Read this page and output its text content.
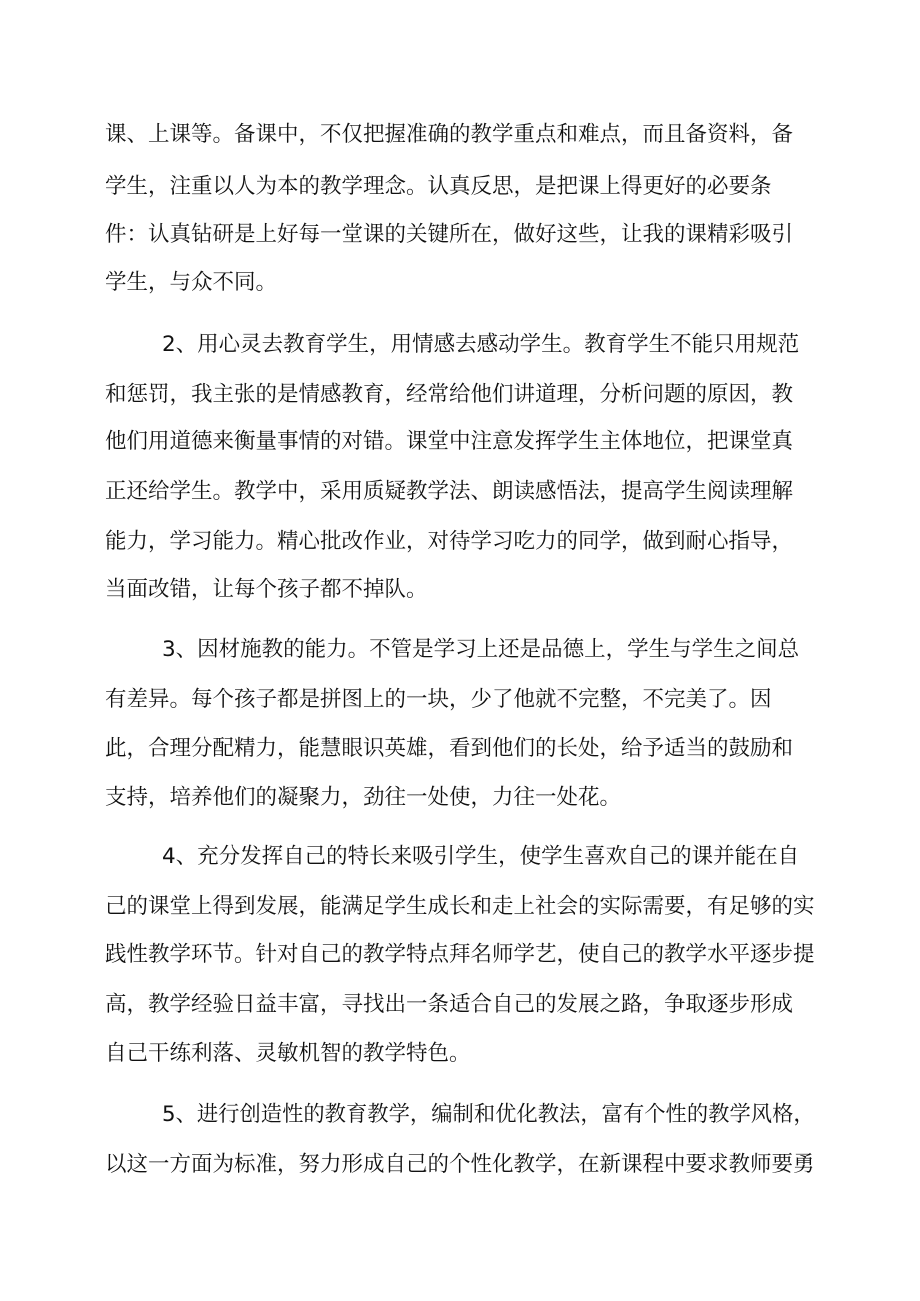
课、上课等。备课中，不仅把握准确的教学重点和难点，而且备资料，备
学生，注重以人为本的教学理念。认真反思，是把课上得更好的必要条
件：认真钻研是上好每一堂课的关键所在，做好这些，让我的课精彩吸引
学生，与众不同。
2、用心灵去教育学生，用情感去感动学生。教育学生不能只用规范
和惩罚，我主张的是情感教育，经常给他们讲道理，分析问题的原因，教
他们用道德来衡量事情的对错。课堂中注意发挥学生主体地位，把课堂真
正还给学生。教学中，采用质疑教学法、朗读感悟法，提高学生阅读理解
能力，学习能力。精心批改作业，对待学习吃力的同学，做到耐心指导，
当面改错，让每个孩子都不掉队。
3、因材施教的能力。不管是学习上还是品德上，学生与学生之间总
有差异。每个孩子都是拼图上的一块，少了他就不完整，不完美了。因
此，合理分配精力，能慧眼识英雄，看到他们的长处，给予适当的鼓励和
支持，培养他们的凝聚力，劲往一处使，力往一处花。
4、充分发挥自己的特长来吸引学生，使学生喜欢自己的课并能在自
己的课堂上得到发展，能满足学生成长和走上社会的实际需要，有足够的实
践性教学环节。针对自己的教学特点拜名师学艺，使自己的教学水平逐步提
高，教学经验日益丰富，寻找出一条适合自己的发展之路，争取逐步形成
自己干练利落、灵敏机智的教学特色。
5、进行创造性的教育教学，编制和优化教法，富有个性的教学风格，
以这一方面为标准，努力形成自己的个性化教学，在新课程中要求教师要勇
